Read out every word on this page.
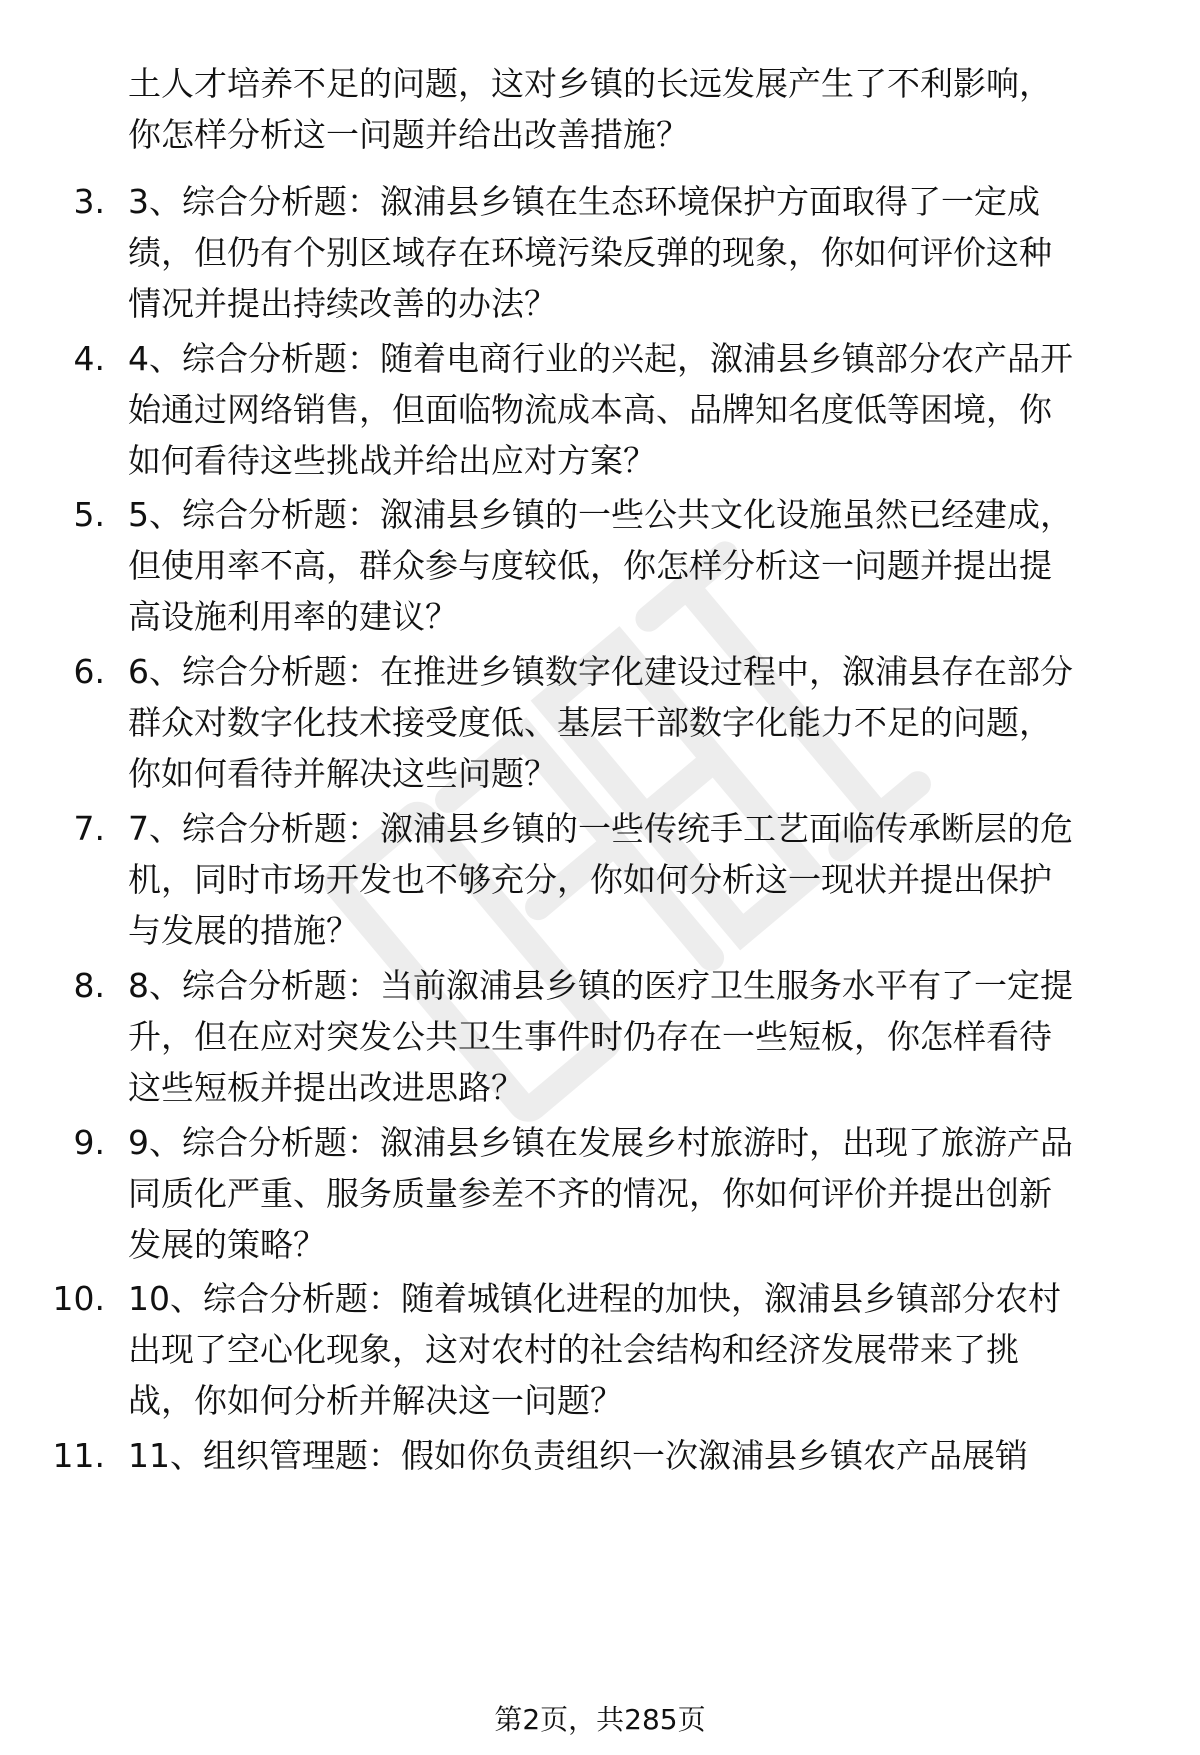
土人才培养不足的问题，这对乡镇的长远发展产生了不利影响，
你怎样分析这一问题并给出改善措施？
3. 3、综合分析题：溆浦县乡镇在生态环境保护方面取得了一定成
绩，但仍有个别区域存在环境污染反弹的现象，你如何评价这种
情况并提出持续改善的办法？
4. 4、综合分析题：随着电商行业的兴起，溆浦县乡镇部分农产品开
始通过网络销售，但面临物流成本高、品牌知名度低等困境，你
如何看待这些挑战并给出应对方案？
5. 5、综合分析题：溆浦县乡镇的一些公共文化设施虽然已经建成，
但使用率不高，群众参与度较低，你怎样分析这一问题并提出提
高设施利用率的建议？
6. 6、综合分析题：在推进乡镇数字化建设过程中，溆浦县存在部分
群众对数字化技术接受度低、基层干部数字化能力不足的问题，
你如何看待并解决这些问题？
7. 7、综合分析题：溆浦县乡镇的一些传统手工艺面临传承断层的危
机，同时市场开发也不够充分，你如何分析这一现状并提出保护
与发展的措施？
8. 8、综合分析题：当前溆浦县乡镇的医疗卫生服务水平有了一定提
升，但在应对突发公共卫生事件时仍存在一些短板，你怎样看待
这些短板并提出改进思路？
9. 9、综合分析题：溆浦县乡镇在发展乡村旅游时，出现了旅游产品
同质化严重、服务质量参差不齐的情况，你如何评价并提出创新
发展的策略？
10. 10、综合分析题：随着城镇化进程的加快，溆浦县乡镇部分农村
出现了空心化现象，这对农村的社会结构和经济发展带来了挑
战，你如何分析并解决这一问题？
11. 11、组织管理题：假如你负责组织一次溆浦县乡镇农产品展销
第2页，共285页
